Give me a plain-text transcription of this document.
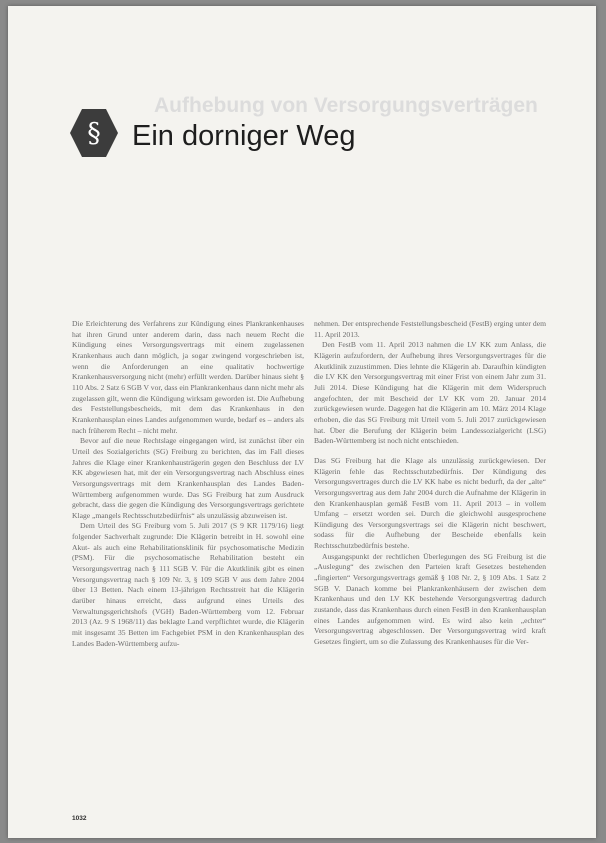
Aufhebung von Versorgungsverträgen
§ Ein dorniger Weg

Die Erleichterung des Verfahrens zur Kündigung eines Plankrankenhauses hat ihren Grund unter anderem darin, dass nach neuem Recht die Kündigung eines Versorgungsvertrags mit einem zugelassenen Krankenhaus auch dann möglich, ja sogar zwingend vorgeschrieben ist, wenn die Anforderungen an eine qualitativ hochwertige Krankenhausversorgung nicht (mehr) erfüllt werden. Darüber hinaus sieht § 110 Abs. 2 Satz 6 SGB V vor, dass ein Plankrankenhaus dann nicht mehr als zugelassen gilt, wenn die Kündigung wirksam geworden ist. Die Aufhebung des Feststellungsbescheids, mit dem das Krankenhaus in den Krankenhausplan eines Landes aufgenommen wurde, bedarf es – anders als nach früherem Recht – nicht mehr.

Bevor auf die neue Rechtslage eingegangen wird, ist zunächst über ein Urteil des Sozialgerichts (SG) Freiburg zu berichten, das im Fall dieses Jahres die Klage einer Krankenhausträgerin gegen den Beschluss der LV KK abgewiesen hat, mit der ein Versorgungsvertrag nach Abschluss eines Versorgungsvertrags mit dem Krankenhausplan des Landes Baden-Württemberg aufgenommen wurde. Das SG Freiburg hat zum Ausdruck gebracht, dass die gegen die Kündigung des Versorgungsvertrags gerichtete Klage „mangels Rechtsschutzbedürfnis“ als unzulässig abzuweisen ist.

Dem Urteil des SG Freiburg vom 5. Juli 2017 (S 9 KR 1179/16) liegt folgender Sachverhalt zugrunde: Die Klägerin betreibt in H. sowohl eine Akut- als auch eine Rehabilitationsklinik für psychosomatische Medizin (PSM). Für die psychosomatische Rehabilitation besteht ein Versorgungsvertrag nach § 111 SGB V. Für die Akutklinik gibt es einen Versorgungsvertrag nach § 109 Nr. 3, § 109 SGB V aus dem Jahre 2004 über 13 Betten. Nach einem 13-jährigen Rechtsstreit hat die Klägerin darüber hinaus erreicht, dass aufgrund eines Urteils des Verwaltungsgerichtshofs (VGH) Baden-Württemberg vom 12. Februar 2013 (Az. 9 S 1968/11) das beklagte Land verpflichtet wurde, die Klägerin mit insgesamt 35 Betten im Fachgebiet PSM in den Krankenhausplan des Landes Baden-Württemberg aufzu-

nehmen. Der entsprechende Feststellungsbescheid (FestB) erging unter dem 11. April 2013.

Den FestB vom 11. April 2013 nahmen die LV KK zum Anlass, die Klägerin aufzufordern, der Aufhebung ihres Versorgungsvertrages für die Akutklinik zuzustimmen. Dies lehnte die Klägerin ab. Daraufhin kündigten die LV KK den Versorgungsvertrag mit einer Frist von einem Jahr zum 31. Juli 2014. Diese Kündigung hat die Klägerin mit dem Widerspruch angefochten, der mit Bescheid der LV KK vom 20. Januar 2014 zurückgewiesen wurde. Dagegen hat die Klägerin am 10. März 2014 Klage erhoben, die das SG Freiburg mit Urteil vom 5. Juli 2017 zurückgewiesen hat. Über die Berufung der Klägerin beim Landessozialgericht (LSG) Baden-Württemberg ist noch nicht entschieden.

Das SG Freiburg hat die Klage als unzulässig zurückgewiesen. Der Klägerin fehle das Rechtsschutzbedürfnis. Der Kündigung des Versorgungsvertrages durch die LV KK habe es nicht bedurft, da der „alte“ Versorgungsvertrag aus dem Jahr 2004 durch die Aufnahme der Klägerin in den Krankenhausplan gemäß FestB vom 11. April 2013 – in vollem Umfang – ersetzt worden sei. Durch die gleichwohl ausgesprochene Kündigung des Versorgungsvertrags sei die Klägerin nicht beschwert, sodass für die Aufhebung der Bescheide ebenfalls kein Rechtsschutzbedürfnis bestehe.

Ausgangspunkt der rechtlichen Überlegungen des SG Freiburg ist die „Auslegung“ des zwischen den Parteien kraft Gesetzes bestehenden „fingierten“ Versorgungsvertrags gemäß § 108 Nr. 2, § 109 Abs. 1 Satz 2 SGB V. Danach komme bei Plankrankenhäusern der zwischen dem Krankenhaus und den LV KK bestehende Versorgungsvertrag dadurch zustande, dass das Krankenhaus durch einen FestB in den Krankenhausplan eines Landes aufgenommen wird. Es wird also kein „echter“ Versorgungsvertrag abgeschlossen. Der Versorgungsvertrag wird kraft Gesetzes fingiert, um so die Zulassung des Krankenhauses für die Ver-

1032
